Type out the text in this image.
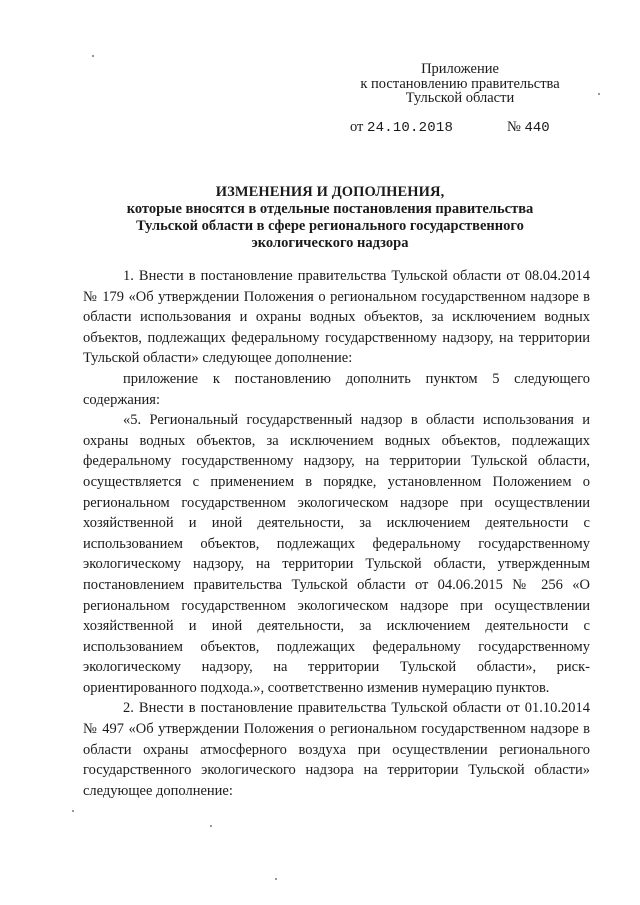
Приложение
к постановлению правительства
Тульской области
от 24.10.2018	№ 440
ИЗМЕНЕНИЯ И ДОПОЛНЕНИЯ,
которые вносятся в отдельные постановления правительства
Тульской области в сфере регионального государственного
экологического надзора

1. Внести в постановление правительства Тульской области от 08.04.2014 № 179 «Об утверждении Положения о региональном государственном надзоре в области использования и охраны водных объектов, за исключением водных объектов, подлежащих федеральному государственному надзору, на территории Тульской области» следующее дополнение:

приложение к постановлению дополнить пунктом 5 следующего содержания:

«5. Региональный государственный надзор в области использования и охраны водных объектов, за исключением водных объектов, подлежащих федеральному государственному надзору, на территории Тульской области, осуществляется с применением в порядке, установленном Положением о региональном государственном экологическом надзоре при осуществлении хозяйственной и иной деятельности, за исключением деятельности с использованием объектов, подлежащих федеральному государственному экологическому надзору, на территории Тульской области, утвержденным постановлением правительства Тульской области от 04.06.2015 № 256 «О региональном государственном экологическом надзоре при осуществлении хозяйственной и иной деятельности, за исключением деятельности с использованием объектов, подлежащих федеральному государственному экологическому надзору, на территории Тульской области», риск-ориентированного подхода.», соответственно изменив нумерацию пунктов.

2. Внести в постановление правительства Тульской области от 01.10.2014 № 497 «Об утверждении Положения о региональном государственном надзоре в области охраны атмосферного воздуха при осуществлении регионального государственного экологического надзора на территории Тульской области» следующее дополнение:
